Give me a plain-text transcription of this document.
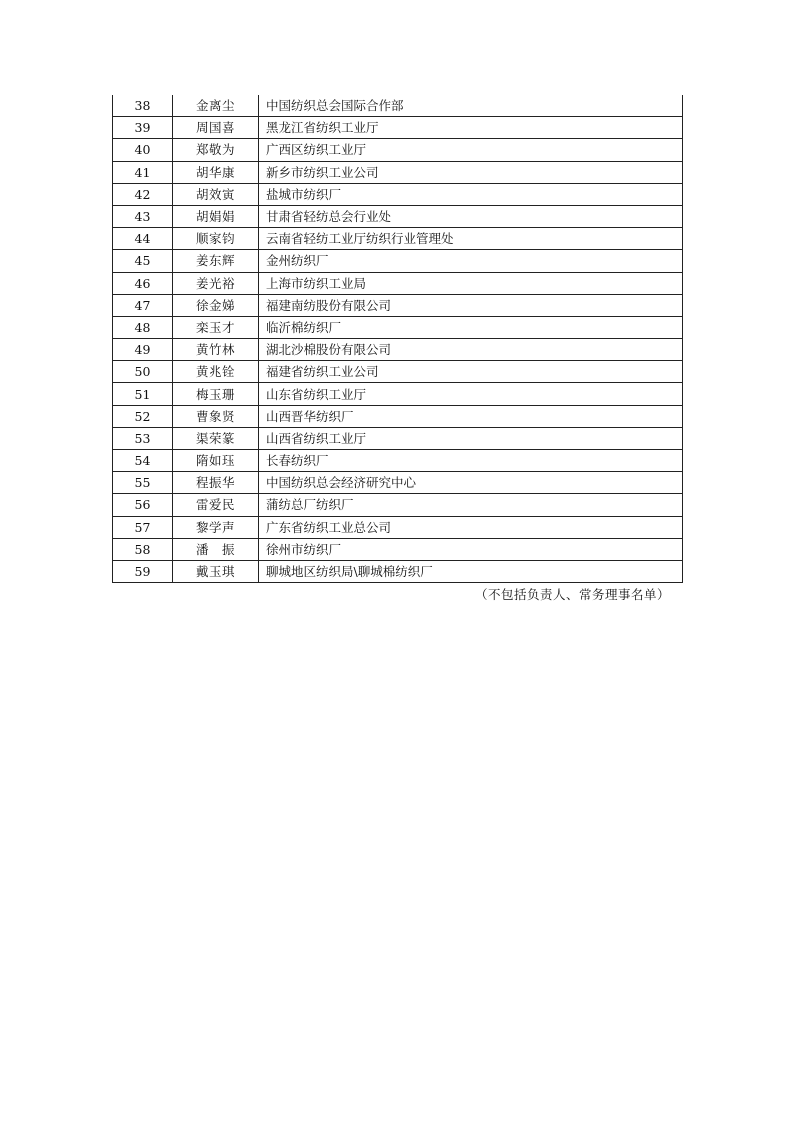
38	金离尘	中国纺织总会国际合作部
39	周国喜	黑龙江省纺织工业厅
40	郑敬为	广西区纺织工业厅
41	胡华康	新乡市纺织工业公司
42	胡效寅	盐城市纺织厂
43	胡娟娟	甘肃省轻纺总会行业处
44	顺家钧	云南省轻纺工业厅纺织行业管理处
45	姜东辉	金州纺织厂
46	姜光裕	上海市纺织工业局
47	徐金娣	福建南纺股份有限公司
48	栾玉才	临沂棉纺织厂
49	黄竹林	湖北沙棉股份有限公司
50	黄兆铨	福建省纺织工业公司
51	梅玉珊	山东省纺织工业厅
52	曹象贤	山西晋华纺织厂
53	渠荣篆	山西省纺织工业厅
54	隋如珏	长春纺织厂
55	程振华	中国纺织总会经济研究中心
56	雷爱民	蒲纺总厂纺织厂
57	黎学声	广东省纺织工业总公司
58	潘　振	徐州市纺织厂
59	戴玉琪	聊城地区纺织局\聊城棉纺织厂
（不包括负责人、常务理事名单）
